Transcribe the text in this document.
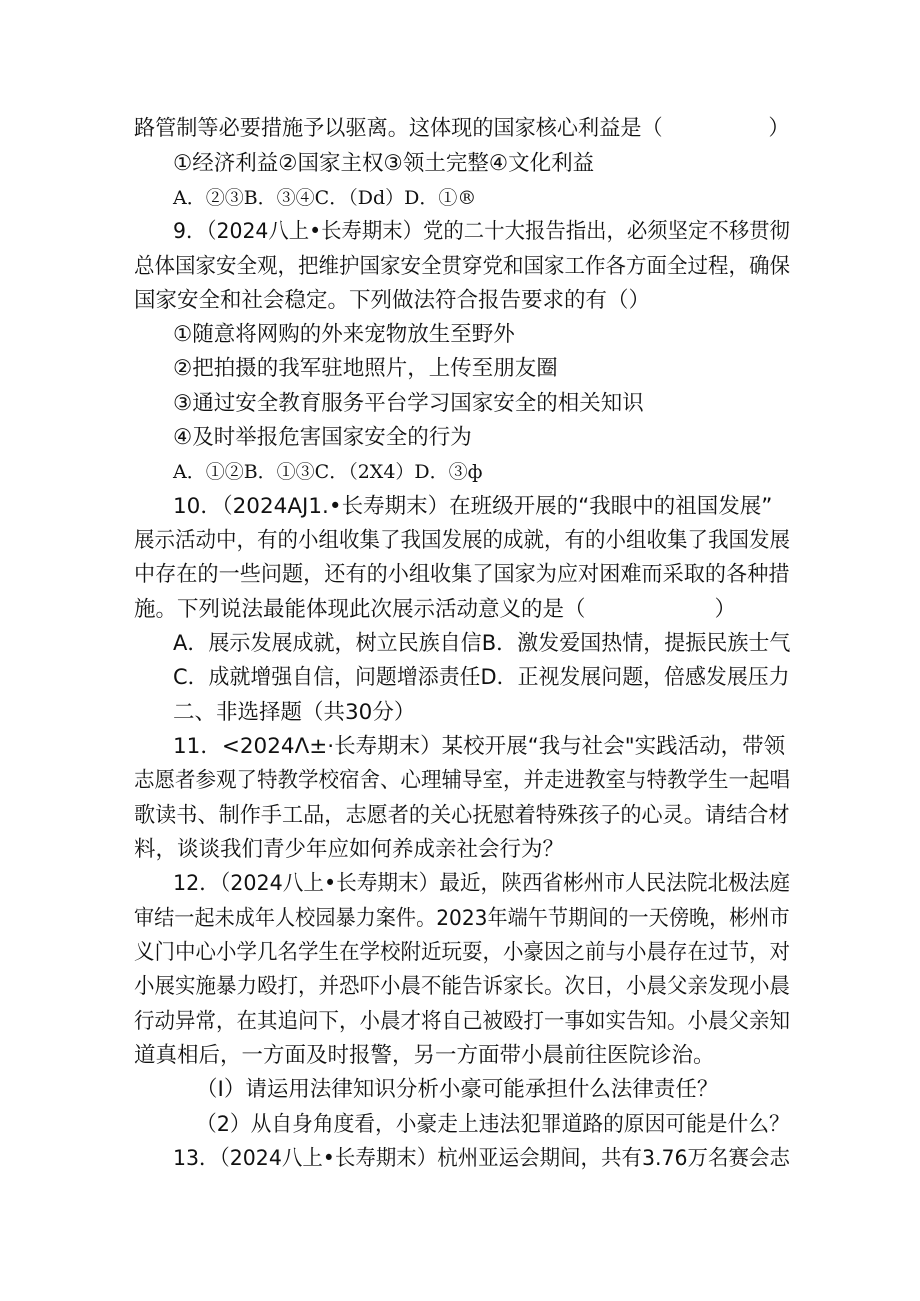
路管制等必要措施予以驱离。这体现的国家核心利益是（　　　　　）
①经济利益②国家主权③领土完整④文化利益
A．②③B．③④C．（Dd）D．①®
9．（2024八上•长寿期末）党的二十大报告指出，必须坚定不移贯彻
总体国家安全观，把维护国家安全贯穿党和国家工作各方面全过程，确保
国家安全和社会稳定。下列做法符合报告要求的有（）
①随意将网购的外来宠物放生至野外
②把拍摄的我军驻地照片，上传至朋友圈
③通过安全教育服务平台学习国家安全的相关知识
④及时举报危害国家安全的行为
A．①②B．①③C．（2X4）D．③ф
10．（2024AJ1.•长寿期末）在班级开展的“我眼中的祖国发展”
展示活动中，有的小组收集了我国发展的成就，有的小组收集了我国发展
中存在的一些问题，还有的小组收集了国家为应对困难而采取的各种措
施。下列说法最能体现此次展示活动意义的是（　　　　　　）
A．展示发展成就，树立民族自信B．激发爱国热情，提振民族士气
C．成就增强自信，问题增添责任D．正视发展问题，倍感发展压力
二、非选择题（共30分）
11．<2024Λ±·长寿期末）某校开展“我与社会"实践活动，带领
志愿者参观了特教学校宿舍、心理辅导室，并走进教室与特教学生一起唱
歌读书、制作手工品，志愿者的关心抚慰着特殊孩子的心灵。请结合材
料，谈谈我们青少年应如何养成亲社会行为？
12．（2024八上•长寿期末）最近，陕西省彬州市人民法院北极法庭
审结一起未成年人校园暴力案件。2023年端午节期间的一天傍晚，彬州市
义门中心小学几名学生在学校附近玩耍，小豪因之前与小晨存在过节，对
小展实施暴力殴打，并恐吓小晨不能告诉家长。次日，小晨父亲发现小晨
行动异常，在其追问下，小晨才将自己被殴打一事如实告知。小晨父亲知
道真相后，一方面及时报警，另一方面带小晨前往医院诊治。
（I）请运用法律知识分析小豪可能承担什么法律责任？
（2）从自身角度看，小豪走上违法犯罪道路的原因可能是什么？
13．（2024八上•长寿期末）杭州亚运会期间，共有3.76万名赛会志
